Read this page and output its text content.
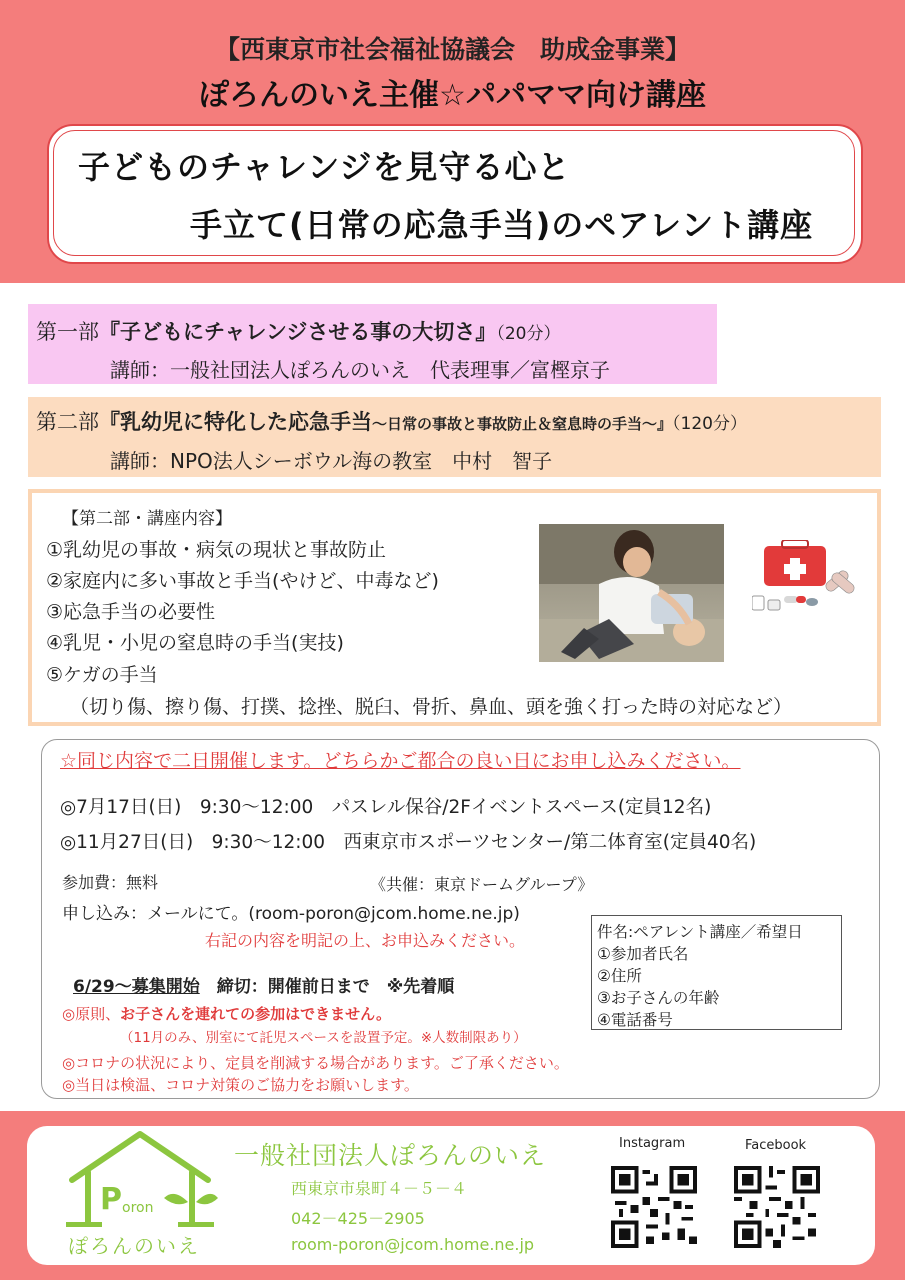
【西東京市社会福祉協議会　助成金事業】
ぽろんのいえ主催☆パパママ向け講座
子どものチャレンジを見守る心と
手立て(日常の応急手当)のペアレント講座
第一部『子どもにチャレンジさせる事の大切さ』（20分）
講師：一般社団法人ぽろんのいえ　代表理事／富樫京子
第二部『乳幼児に特化した応急手当～日常の事故と事故防止＆窒息時の手当～』（120分）
講師：NPO法人シーボウル海の教室　中村　智子
【第二部・講座内容】
①乳幼児の事故・病気の現状と事故防止
②家庭内に多い事故と手当(やけど、中毒など)
③応急手当の必要性
④乳児・小児の窒息時の手当(実技)
⑤ケガの手当
（切り傷、擦り傷、打撲、捻挫、脱臼、骨折、鼻血、頭を強く打った時の対応など）
☆同じ内容で二日開催します。どちらかご都合の良い日にお申し込みください。
◎7月17日(日)　9:30～12:00　パスレル保谷/2Fイベントスペース(定員12名)
◎11月27日(日)　9:30～12:00　西東京市スポーツセンター/第二体育室(定員40名)
参加費：無料	《共催：東京ドームグループ》
申し込み：メールにて。(room-poron@jcom.home.ne.jp)
右記の内容を明記の上、お申込みください。	件名:ペアレント講座／希望日
①参加者氏名
②住所
③お子さんの年齢
④電話番号
6/29～募集開始　締切：開催前日まで　※先着順
◎原則、お子さんを連れての参加はできません。
（11月のみ、別室にて託児スペースを設置予定。※人数制限あり）
◎コロナの状況により、定員を削減する場合があります。ご了承ください。
◎当日は検温、コロナ対策のご協力をお願いします。
P oron
ぽろんのいえ
一般社団法人ぽろんのいえ
西東京市泉町４－５－４
042－425－2905
room-poron@jcom.home.ne.jp
Instagram	Facebook
